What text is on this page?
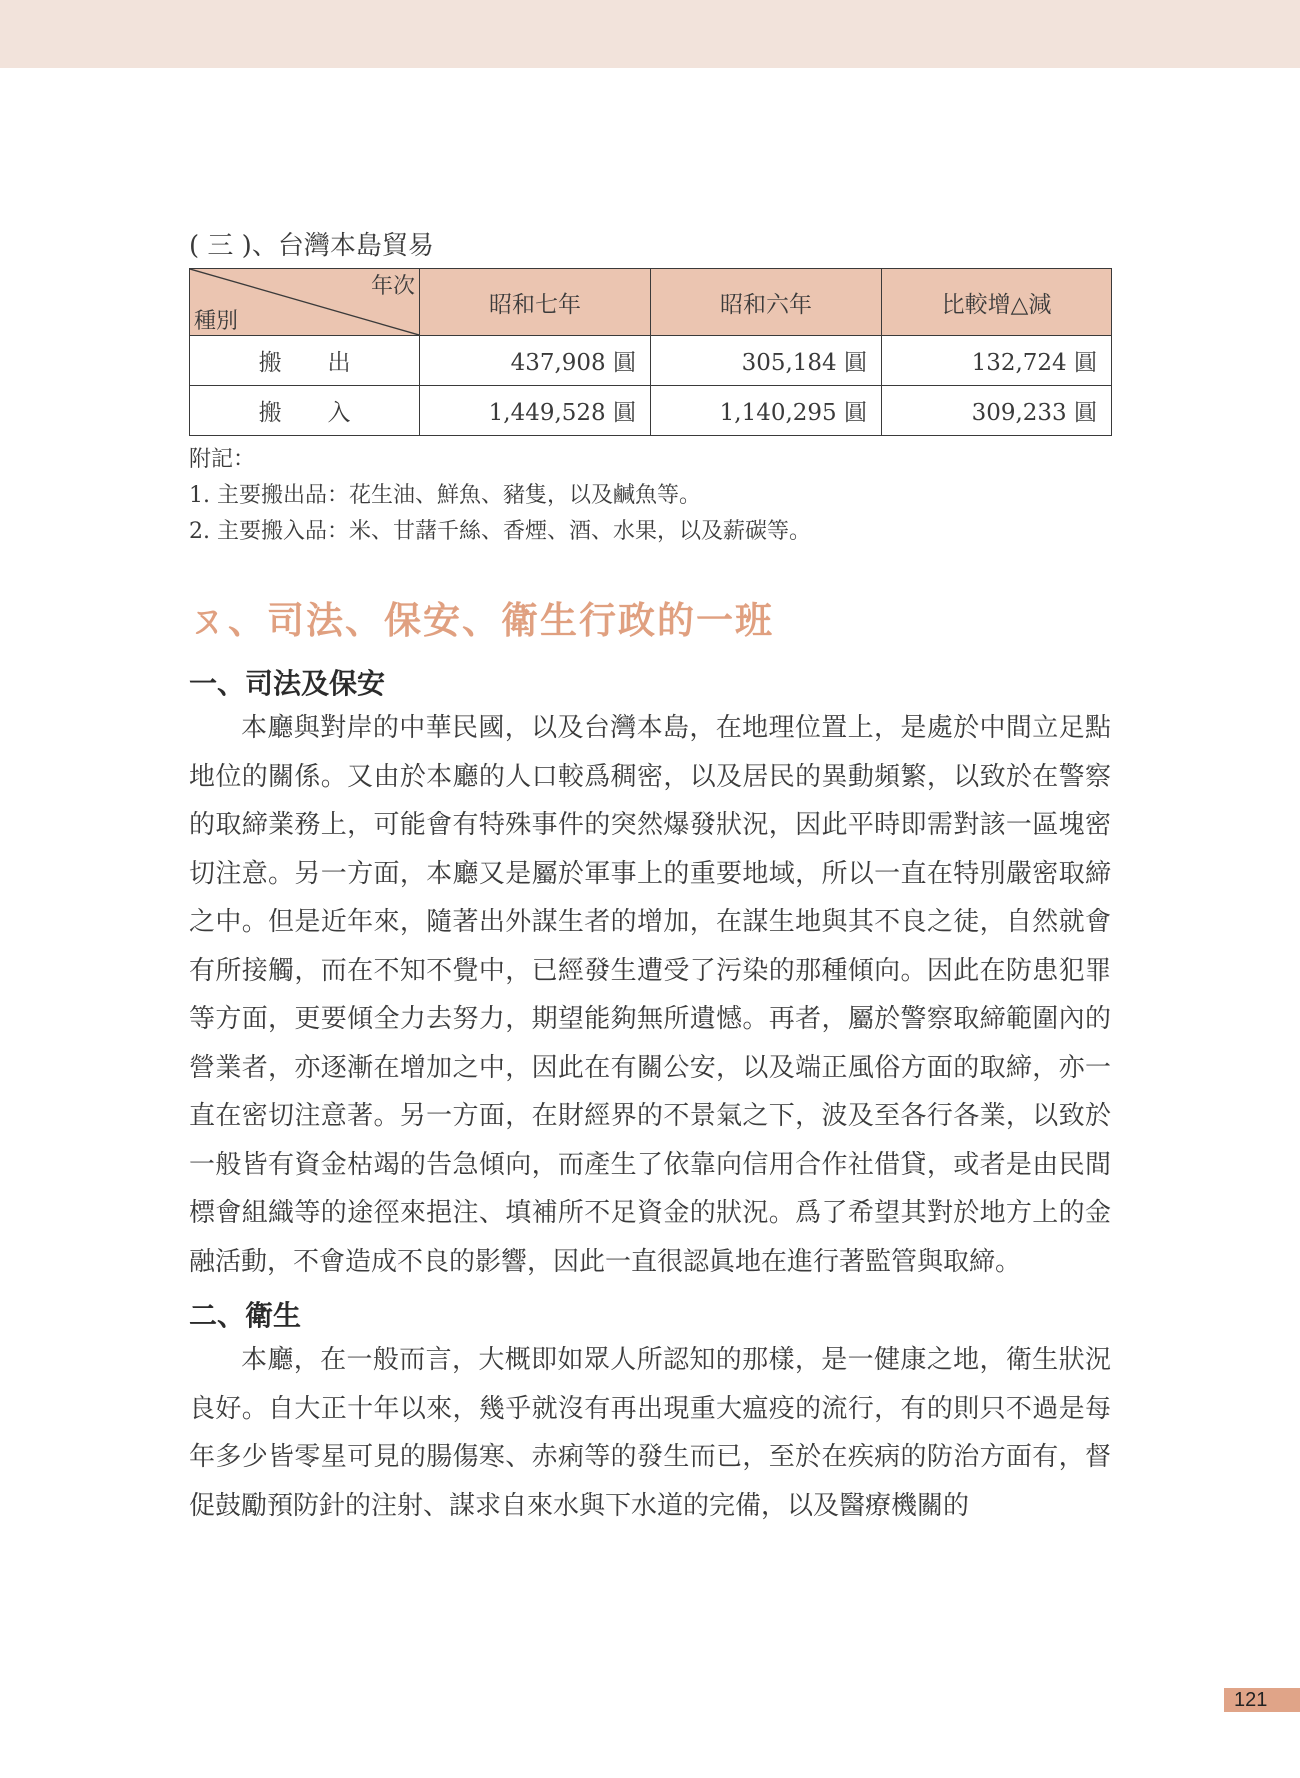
( 三 )、台灣本島貿易
年次
種別	昭和七年	昭和六年	比較增△減
搬　　出	437,908 圓	305,184 圓	132,724 圓
搬　　入	1,449,528 圓	1,140,295 圓	309,233 圓
附記：
1. 主要搬出品：花生油、鮮魚、豬隻，以及鹹魚等。
2. 主要搬入品：米、甘藷千絲、香煙、酒、水果，以及薪碳等。
ㄡ、司法、保安、衛生行政的一班
一、司法及保安

本廳與對岸的中華民國，以及台灣本島，在地理位置上，是處於中間立足點地位的關係。又由於本廳的人口較爲稠密，以及居民的異動頻繁，以致於在警察的取締業務上，可能會有特殊事件的突然爆發狀況，因此平時即需對該一區塊密切注意。另一方面，本廳又是屬於軍事上的重要地域，所以一直在特別嚴密取締之中。但是近年來，隨著出外謀生者的增加，在謀生地與其不良之徒，自然就會有所接觸，而在不知不覺中，已經發生遭受了污染的那種傾向。因此在防患犯罪等方面，更要傾全力去努力，期望能夠無所遺憾。再者，屬於警察取締範圍內的營業者，亦逐漸在增加之中，因此在有關公安，以及端正風俗方面的取締，亦一直在密切注意著。另一方面，在財經界的不景氣之下，波及至各行各業，以致於一般皆有資金枯竭的告急傾向，而產生了依靠向信用合作社借貸，或者是由民間標會組織等的途徑來挹注、填補所不足資金的狀況。爲了希望其對於地方上的金融活動，不會造成不良的影響，因此一直很認眞地在進行著監管與取締。

二、衛生

本廳，在一般而言，大概即如眾人所認知的那樣，是一健康之地，衛生狀況良好。自大正十年以來，幾乎就沒有再出現重大瘟疫的流行，有的則只不過是每年多少皆零星可見的腸傷寒、赤痢等的發生而已，至於在疾病的防治方面有，督促鼓勵預防針的注射、謀求自來水與下水道的完備，以及醫療機關的

121
